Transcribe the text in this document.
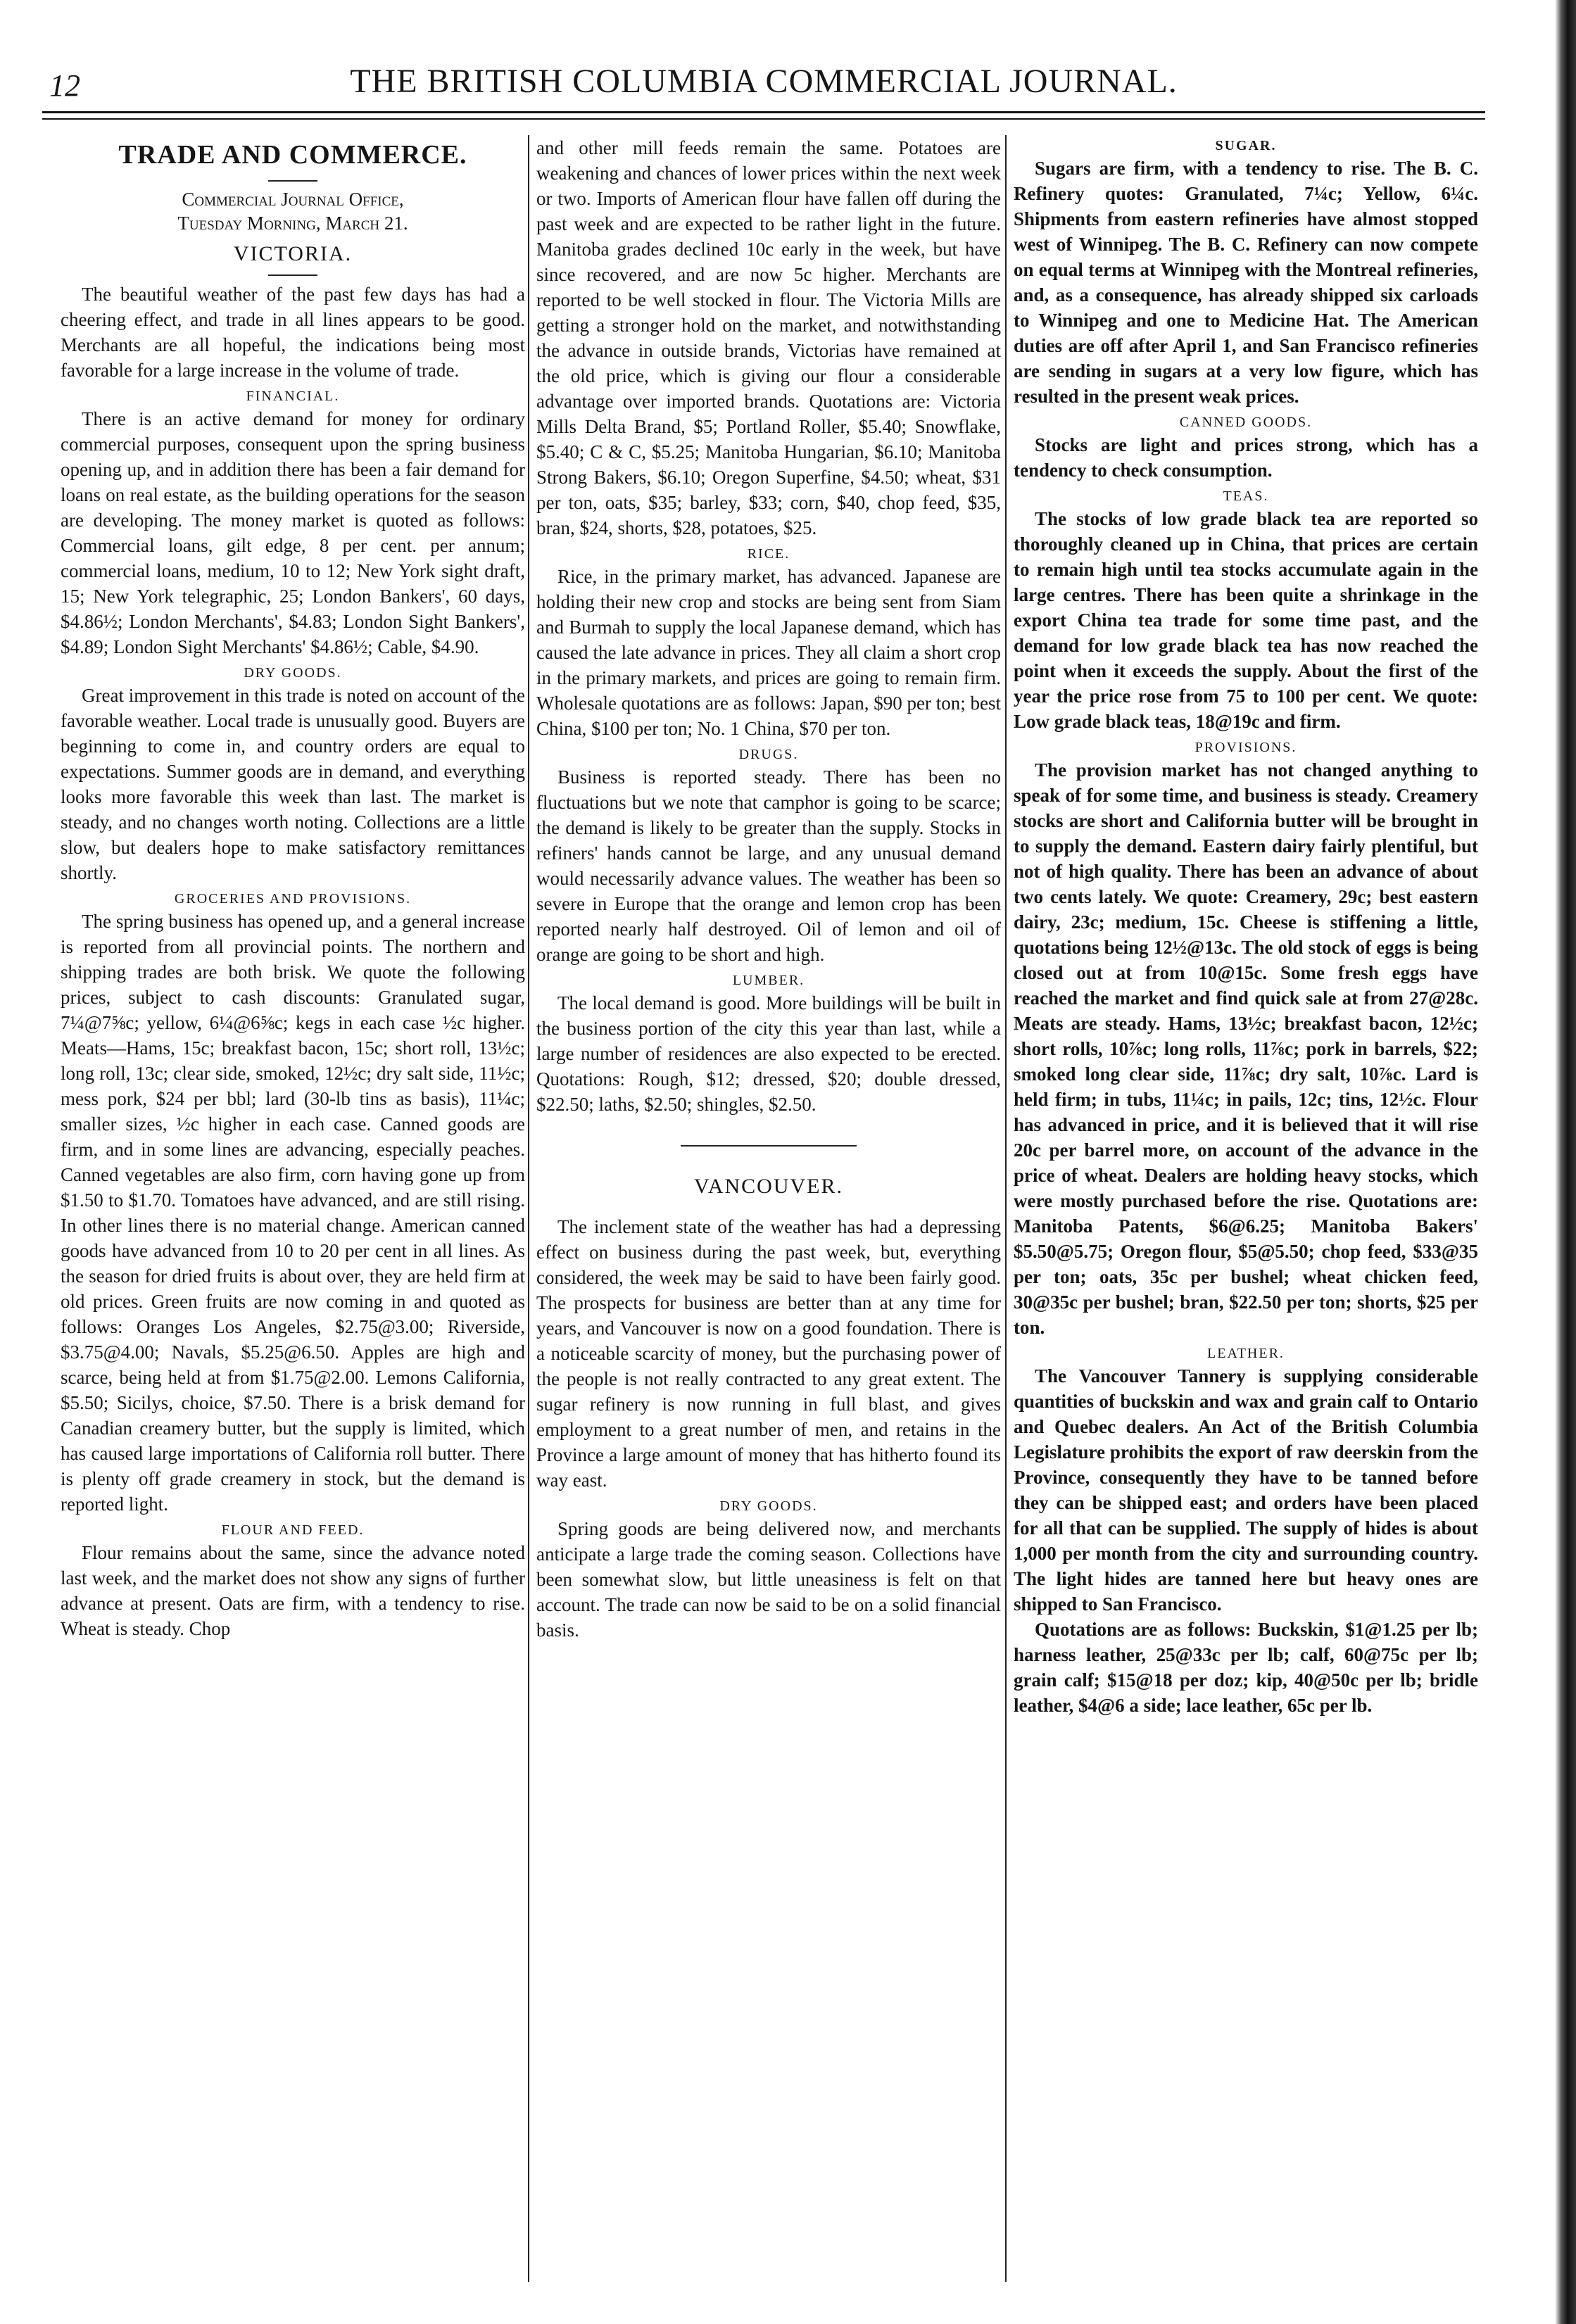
12	THE BRITISH COLUMBIA COMMERCIAL JOURNAL.
TRADE AND COMMERCE.
Commercial Journal Office,
Tuesday Morning, March 21.
VICTORIA.

The beautiful weather of the past few days has had a cheering effect, and trade in all lines appears to be good. Merchants are all hopeful, the indications being most favorable for a large increase in the volume of trade.

FINANCIAL.

There is an active demand for money for ordinary commercial purposes, consequent upon the spring business opening up, and in addition there has been a fair demand for loans on real estate, as the building operations for the season are developing. The money market is quoted as follows: Commercial loans, gilt edge, 8 per cent. per annum; commercial loans, medium, 10 to 12; New York sight draft, 15; New York telegraphic, 25; London Bankers', 60 days, $4.86½; London Merchants', $4.83; London Sight Bankers', $4.89; London Sight Merchants' $4.86½; Cable, $4.90.

DRY GOODS.

Great improvement in this trade is noted on account of the favorable weather. Local trade is unusually good. Buyers are beginning to come in, and country orders are equal to expectations. Summer goods are in demand, and everything looks more favorable this week than last. The market is steady, and no changes worth noting. Collections are a little slow, but dealers hope to make satisfactory remittances shortly.

GROCERIES AND PROVISIONS.

The spring business has opened up, and a general increase is reported from all provincial points. The northern and shipping trades are both brisk. We quote the following prices, subject to cash discounts: Granulated sugar, 7¼@7⅝c; yellow, 6¼@6⅝c; kegs in each case ½c higher. Meats—Hams, 15c; breakfast bacon, 15c; short roll, 13½c; long roll, 13c; clear side, smoked, 12½c; dry salt side, 11½c; mess pork, $24 per bbl; lard (30-lb tins as basis), 11¼c; smaller sizes, ½c higher in each case. Canned goods are firm, and in some lines are advancing, especially peaches. Canned vegetables are also firm, corn having gone up from $1.50 to $1.70. Tomatoes have advanced, and are still rising. In other lines there is no material change. American canned goods have advanced from 10 to 20 per cent in all lines. As the season for dried fruits is about over, they are held firm at old prices. Green fruits are now coming in and quoted as follows: Oranges Los Angeles, $2.75@3.00; Riverside, $3.75@4.00; Navals, $5.25@6.50. Apples are high and scarce, being held at from $1.75@2.00. Lemons California, $5.50; Sicilys, choice, $7.50. There is a brisk demand for Canadian creamery butter, but the supply is limited, which has caused large importations of California roll butter. There is plenty off grade creamery in stock, but the demand is reported light.

FLOUR AND FEED.

Flour remains about the same, since the advance noted last week, and the market does not show any signs of further advance at present. Oats are firm, with a tendency to rise. Wheat is steady. Chop

and other mill feeds remain the same. Potatoes are weakening and chances of lower prices within the next week or two. Imports of American flour have fallen off during the past week and are expected to be rather light in the future. Manitoba grades declined 10c early in the week, but have since recovered, and are now 5c higher. Merchants are reported to be well stocked in flour. The Victoria Mills are getting a stronger hold on the market, and notwithstanding the advance in outside brands, Victorias have remained at the old price, which is giving our flour a considerable advantage over imported brands. Quotations are: Victoria Mills Delta Brand, $5; Portland Roller, $5.40; Snowflake, $5.40; C & C, $5.25; Manitoba Hungarian, $6.10; Manitoba Strong Bakers, $6.10; Oregon Superfine, $4.50; wheat, $31 per ton, oats, $35; barley, $33; corn, $40, chop feed, $35, bran, $24, shorts, $28, potatoes, $25.

RICE.

Rice, in the primary market, has advanced. Japanese are holding their new crop and stocks are being sent from Siam and Burmah to supply the local Japanese demand, which has caused the late advance in prices. They all claim a short crop in the primary markets, and prices are going to remain firm. Wholesale quotations are as follows: Japan, $90 per ton; best China, $100 per ton; No. 1 China, $70 per ton.

DRUGS.

Business is reported steady. There has been no fluctuations but we note that camphor is going to be scarce; the demand is likely to be greater than the supply. Stocks in refiners' hands cannot be large, and any unusual demand would necessarily advance values. The weather has been so severe in Europe that the orange and lemon crop has been reported nearly half destroyed. Oil of lemon and oil of orange are going to be short and high.

LUMBER.

The local demand is good. More buildings will be built in the business portion of the city this year than last, while a large number of residences are also expected to be erected. Quotations: Rough, $12; dressed, $20; double dressed, $22.50; laths, $2.50; shingles, $2.50.

VANCOUVER.

The inclement state of the weather has had a depressing effect on business during the past week, but, everything considered, the week may be said to have been fairly good. The prospects for business are better than at any time for years, and Vancouver is now on a good foundation. There is a noticeable scarcity of money, but the purchasing power of the people is not really contracted to any great extent. The sugar refinery is now running in full blast, and gives employment to a great number of men, and retains in the Province a large amount of money that has hitherto found its way east.

DRY GOODS.

Spring goods are being delivered now, and merchants anticipate a large trade the coming season. Collections have been somewhat slow, but little uneasiness is felt on that account. The trade can now be said to be on a solid financial basis.

SUGAR.

Sugars are firm, with a tendency to rise. The B. C. Refinery quotes: Granulated, 7¼c; Yellow, 6¼c. Shipments from eastern refineries have almost stopped west of Winnipeg. The B. C. Refinery can now compete on equal terms at Winnipeg with the Montreal refineries, and, as a consequence, has already shipped six carloads to Winnipeg and one to Medicine Hat. The American duties are off after April 1, and San Francisco refineries are sending in sugars at a very low figure, which has resulted in the present weak prices.

CANNED GOODS.

Stocks are light and prices strong, which has a tendency to check consumption.

TEAS.

The stocks of low grade black tea are reported so thoroughly cleaned up in China, that prices are certain to remain high until tea stocks accumulate again in the large centres. There has been quite a shrinkage in the export China tea trade for some time past, and the demand for low grade black tea has now reached the point when it exceeds the supply. About the first of the year the price rose from 75 to 100 per cent. We quote: Low grade black teas, 18@19c and firm.

PROVISIONS.

The provision market has not changed anything to speak of for some time, and business is steady. Creamery stocks are short and California butter will be brought in to supply the demand. Eastern dairy fairly plentiful, but not of high quality. There has been an advance of about two cents lately. We quote: Creamery, 29c; best eastern dairy, 23c; medium, 15c. Cheese is stiffening a little, quotations being 12½@13c. The old stock of eggs is being closed out at from 10@15c. Some fresh eggs have reached the market and find quick sale at from 27@28c. Meats are steady. Hams, 13½c; breakfast bacon, 12½c; short rolls, 10⅞c; long rolls, 11⅞c; pork in barrels, $22; smoked long clear side, 11⅞c; dry salt, 10⅞c. Lard is held firm; in tubs, 11¼c; in pails, 12c; tins, 12½c. Flour has advanced in price, and it is believed that it will rise 20c per barrel more, on account of the advance in the price of wheat. Dealers are holding heavy stocks, which were mostly purchased before the rise. Quotations are: Manitoba Patents, $6@6.25; Manitoba Bakers' $5.50@5.75; Oregon flour, $5@5.50; chop feed, $33@35 per ton; oats, 35c per bushel; wheat chicken feed, 30@35c per bushel; bran, $22.50 per ton; shorts, $25 per ton.

LEATHER.

The Vancouver Tannery is supplying considerable quantities of buckskin and wax and grain calf to Ontario and Quebec dealers. An Act of the British Columbia Legislature prohibits the export of raw deerskin from the Province, consequently they have to be tanned before they can be shipped east; and orders have been placed for all that can be supplied. The supply of hides is about 1,000 per month from the city and surrounding country. The light hides are tanned here but heavy ones are shipped to San Francisco.

Quotations are as follows: Buckskin, $1@1.25 per lb; harness leather, 25@33c per lb; calf, 60@75c per lb; grain calf; $15@18 per doz; kip, 40@50c per lb; bridle leather, $4@6 a side; lace leather, 65c per lb.
